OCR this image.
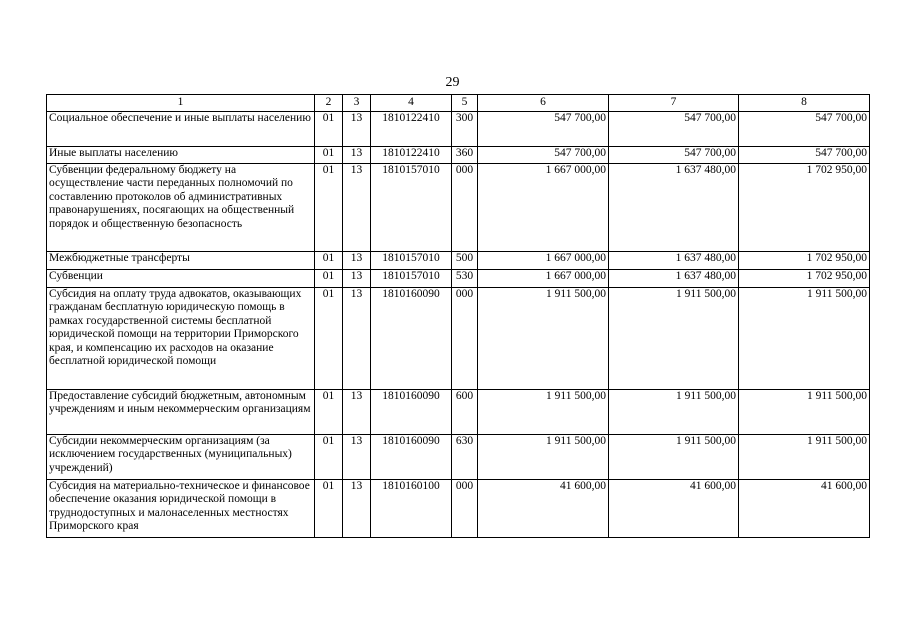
29
1	2	3	4	5	6	7	8
Социальное обеспечение и иные выплаты населению	01	13	1810122410	300	547 700,00	547 700,00	547 700,00
Иные выплаты населению	01	13	1810122410	360	547 700,00	547 700,00	547 700,00
Субвенции федеральному бюджету на осуществление части переданных полномочий по составлению протоколов об административных правонарушениях, посягающих на общественный порядок и общественную безопасность	01	13	1810157010	000	1 667 000,00	1 637 480,00	1 702 950,00
Межбюджетные трансферты	01	13	1810157010	500	1 667 000,00	1 637 480,00	1 702 950,00
Субвенции	01	13	1810157010	530	1 667 000,00	1 637 480,00	1 702 950,00
Субсидия на оплату труда адвокатов, оказывающих гражданам бесплатную юридическую помощь в рамках государственной системы бесплатной юридической помощи на территории Приморского края, и компенсацию их расходов на оказание бесплатной юридической помощи	01	13	1810160090	000	1 911 500,00	1 911 500,00	1 911 500,00
Предоставление субсидий бюджетным, автономным учреждениям и иным некоммерческим организациям	01	13	1810160090	600	1 911 500,00	1 911 500,00	1 911 500,00
Субсидии некоммерческим организациям (за исключением государственных (муниципальных) учреждений)	01	13	1810160090	630	1 911 500,00	1 911 500,00	1 911 500,00
Субсидия на материально-техническое и финансовое обеспечение оказания юридической помощи в труднодоступных и малонаселенных местностях Приморского края	01	13	1810160100	000	41 600,00	41 600,00	41 600,00
